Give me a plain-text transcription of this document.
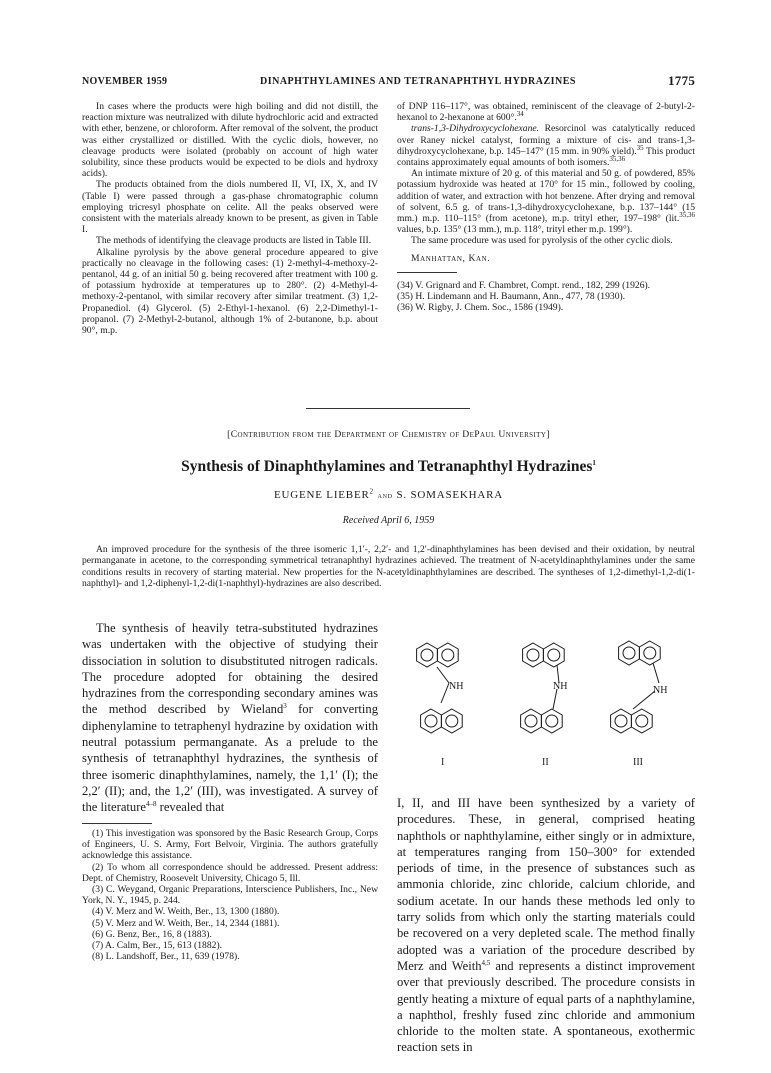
NOVEMBER 1959	DINAPHTHYLAMINES AND TETRANAPHTHYL HYDRAZINES	1775

In cases where the products were high boiling and did not distill, the reaction mixture was neutralized with dilute hydrochloric acid and extracted with ether, benzene, or chloroform. After removal of the solvent, the product was either crystallized or distilled. With the cyclic diols, however, no cleavage products were isolated (probably on account of high water solubility, since these products would be expected to be diols and hydroxy acids).

The products obtained from the diols numbered II, VI, IX, X, and IV (Table I) were passed through a gas-phase chromatographic column employing tricresyl phosphate on celite. All the peaks observed were consistent with the materials already known to be present, as given in Table I.

The methods of identifying the cleavage products are listed in Table III.

Alkaline pyrolysis by the above general procedure appeared to give practically no cleavage in the following cases: (1) 2-methyl-4-methoxy-2-pentanol, 44 g. of an initial 50 g. being recovered after treatment with 100 g. of potassium hydroxide at temperatures up to 280°. (2) 4-Methyl-4-methoxy-2-pentanol, with similar recovery after similar treatment. (3) 1,2-Propanediol. (4) Glycerol. (5) 2-Ethyl-1-hexanol. (6) 2,2-Dimethyl-1-propanol. (7) 2-Methyl-2-butanol, although 1% of 2-butanone, b.p. about 90°, m.p.

of DNP 116–117°, was obtained, reminiscent of the cleavage of 2-butyl-2-hexanol to 2-hexanone at 600°.$^{34}$

trans-1,3-Dihydroxycyclohexane. Resorcinol was catalytically reduced over Raney nickel catalyst, forming a mixture of cis- and trans-1,3-dihydroxycyclohexane, b.p. 145–147° (15 mm. in 90% yield).$^{35}$ This product contains approximately equal amounts of both isomers.$^{35,36}$

An intimate mixture of 20 g. of this material and 50 g. of powdered, 85% potassium hydroxide was heated at 170° for 15 min., followed by cooling, addition of water, and extraction with hot benzene. After drying and removal of solvent, 6.5 g. of trans-1,3-dihydroxycyclohexane, b.p. 137–144° (15 mm.) m.p. 110–115° (from acetone), m.p. trityl ether, 197–198° (lit.$^{35,36}$ values, b.p. 135° (13 mm.), m.p. 118°, trityl ether m.p. 199°).

The same procedure was used for pyrolysis of the other cyclic diols.

Manhattan, Kan.

(34) V. Grignard and F. Chambret, Compt. rend., 182, 299 (1926).

(35) H. Lindemann and H. Baumann, Ann., 477, 78 (1930).

(36) W. Rigby, J. Chem. Soc., 1586 (1949).

[Contribution from the Department of Chemistry of DePaul University]
Synthesis of Dinaphthylamines and Tetranaphthyl Hydrazines$^1$
EUGENE LIEBER$^2$ and S. SOMASEKHARA
Received April 6, 1959

An improved procedure for the synthesis of the three isomeric 1,1′-, 2,2′- and 1,2′-dinaphthylamines has been devised and their oxidation, by neutral permanganate in acetone, to the corresponding symmetrical tetranaphthyl hydrazines achieved. The treatment of N-acetyldinaphthylamines under the same conditions results in recovery of starting material. New properties for the N-acetyldinaphthylamines are described. The syntheses of 1,2-dimethyl-1,2-di(1-naphthyl)- and 1,2-diphenyl-1,2-di(1-naphthyl)-hydrazines are also described.

The synthesis of heavily tetra-substituted hydrazines was undertaken with the objective of studying their dissociation in solution to disubstituted nitrogen radicals. The procedure adopted for obtaining the desired hydrazines from the corresponding secondary amines was the method described by Wieland$^3$ for converting diphenylamine to tetraphenyl hydrazine by oxidation with neutral potassium permanganate. As a prelude to the synthesis of tetranaphthyl hydrazines, the synthesis of three isomeric dinaphthylamines, namely, the 1,1′ (I); the 2,2′ (II); and, the 1,2′ (III), was investigated. A survey of the literature$^{4-8}$ revealed that

(1) This investigation was sponsored by the Basic Research Group, Corps of Engineers, U. S. Army, Fort Belvoir, Virginia. The authors gratefully acknowledge this assistance.

(2) To whom all correspondence should be addressed. Present address: Dept. of Chemistry, Roosevelt University, Chicago 5, Ill.

(3) C. Weygand, Organic Preparations, Interscience Publishers, Inc., New York, N. Y., 1945, p. 244.

(4) V. Merz and W. Weith, Ber., 13, 1300 (1880).

(5) V. Merz and W. Weith, Ber., 14, 2344 (1881).

(6) G. Benz, Ber., 16, 8 (1883).

(7) A. Calm, Ber., 15, 613 (1882).

(8) L. Landshoff, Ber., 11, 639 (1978).

NH	NH	NH
I	II	III

I, II, and III have been synthesized by a variety of procedures. These, in general, comprised heating naphthols or naphthylamine, either singly or in admixture, at temperatures ranging from 150–300° for extended periods of time, in the presence of substances such as ammonia chloride, zinc chloride, calcium chloride, and sodium acetate. In our hands these methods led only to tarry solids from which only the starting materials could be recovered on a very depleted scale. The method finally adopted was a variation of the procedure described by Merz and Weith$^{4,5}$ and represents a distinct improvement over that previously described. The procedure consists in gently heating a mixture of equal parts of a naphthylamine, a naphthol, freshly fused zinc chloride and ammonium chloride to the molten state. A spontaneous, exothermic reaction sets in
